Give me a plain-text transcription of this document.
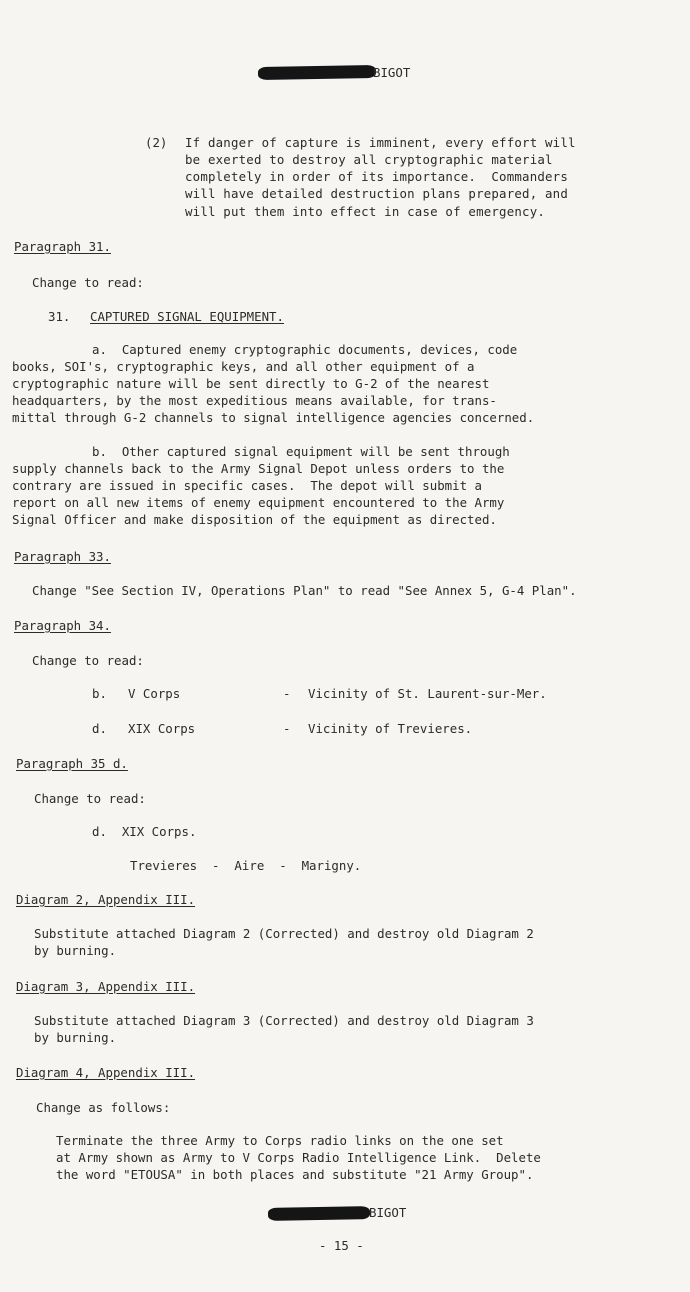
BIGOT
(2) If danger of capture is imminent, every effort will
be exerted to destroy all cryptographic material
completely in order of its importance.  Commanders
will have detailed destruction plans prepared, and
will put them into effect in case of emergency.
Paragraph 31.
Change to read:
31. CAPTURED SIGNAL EQUIPMENT.
a.  Captured enemy cryptographic documents, devices, code
books, SOI's, cryptographic keys, and all other equipment of a
cryptographic nature will be sent directly to G-2 of the nearest
headquarters, by the most expeditious means available, for trans-
mittal through G-2 channels to signal intelligence agencies concerned.
b.  Other captured signal equipment will be sent through
supply channels back to the Army Signal Depot unless orders to the
contrary are issued in specific cases.  The depot will submit a
report on all new items of enemy equipment encountered to the Army
Signal Officer and make disposition of the equipment as directed.
Paragraph 33.
Change "See Section IV, Operations Plan" to read "See Annex 5, G-4 Plan".
Paragraph 34.
Change to read:
b. V Corps	- Vicinity of St. Laurent-sur-Mer.
d. XIX Corps	- Vicinity of Trevieres.
Paragraph 35 d.
Change to read:
d.  XIX Corps.
Trevieres  -  Aire  -  Marigny.
Diagram 2, Appendix III.
Substitute attached Diagram 2 (Corrected) and destroy old Diagram 2
by burning.
Diagram 3, Appendix III.
Substitute attached Diagram 3 (Corrected) and destroy old Diagram 3
by burning.
Diagram 4, Appendix III.
Change as follows:
Terminate the three Army to Corps radio links on the one set
at Army shown as Army to V Corps Radio Intelligence Link.  Delete
the word "ETOUSA" in both places and substitute "21 Army Group".
BIGOT
- 15 -
